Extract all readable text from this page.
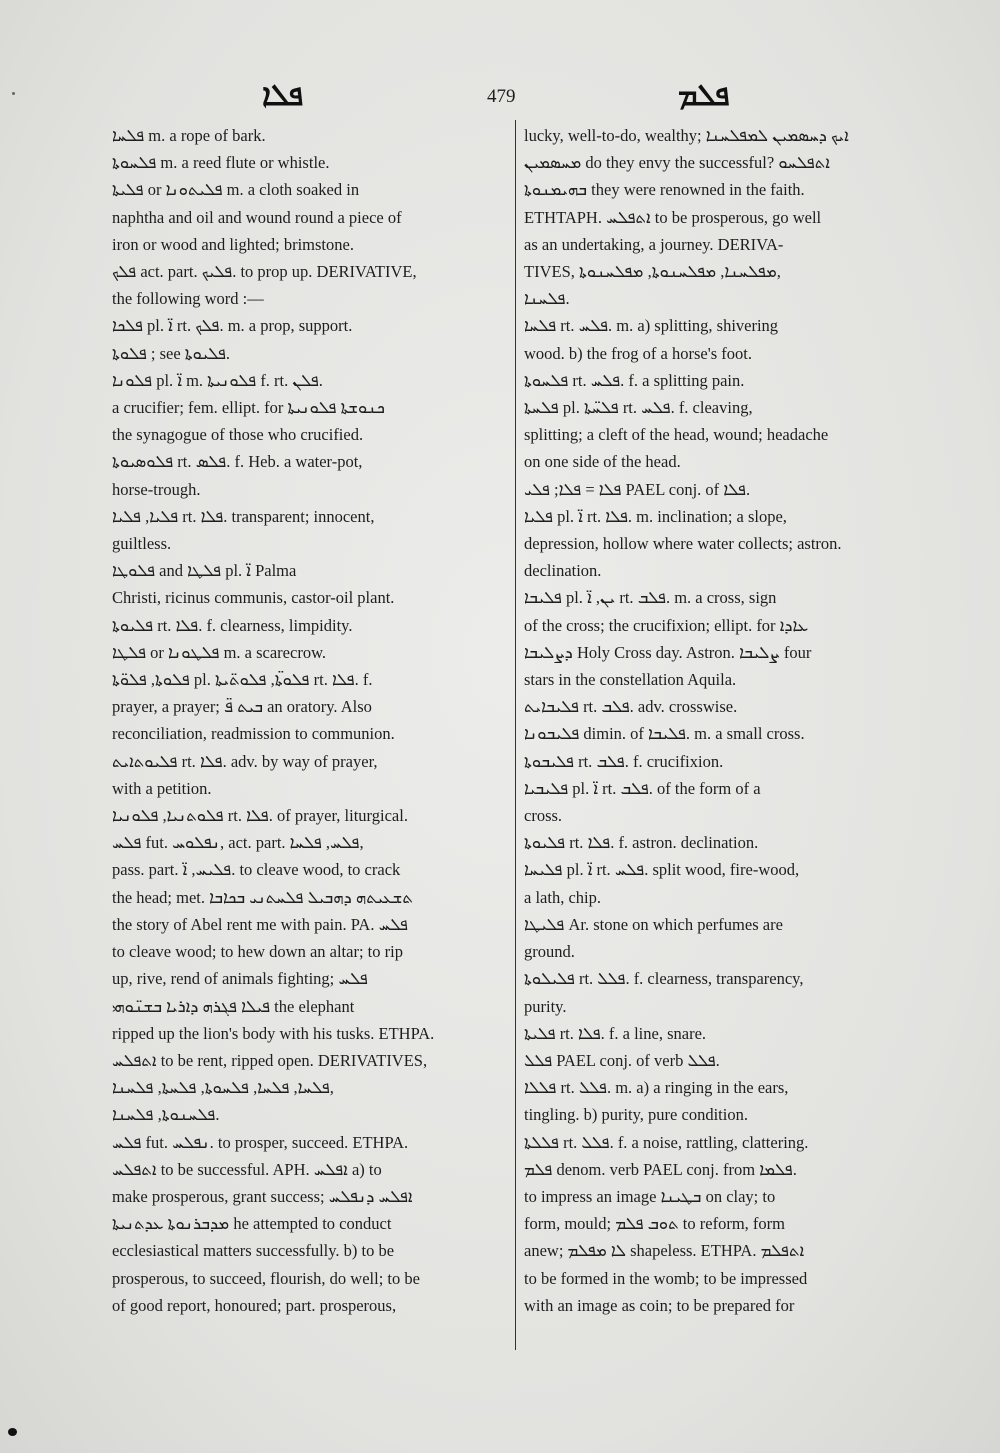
ܦܠܐ	479	ܦܠܡ
ܦܠܚܐ m. a rope of bark.
ܦܠܚܘܬܐ m. a reed flute or whistle.
ܦܠܝܬܐ or ܦܠܝܬܘܢܐ m. a cloth soaked in
naphtha and oil and wound round a piece of
iron or wood and lighted; brimstone.
ܦܠܟ act. part. ܦܠܝܟ. to prop up. DERIVATIVE,
the following word :—
ܦܠܟܐ pl. ܐ̈ rt. ܦܠܟ. m. a prop, support.
ܦܠܘܬܐ ; see ܦܠܝܘܬܐ.
ܦܠܘܢܐ pl. ܐ̈ m. ܦܠܘܢܝܬܐ f. rt. ܦܠܢ.
a crucifier; fem. ellipt. for ܟܢܘܫܬܐ ܦܠܘܢܝܬܐ
the synagogue of those who crucified.
ܦܠܘܣܝܘܬܐ rt. ܦܠܣ. f. Heb. a water-pot,
horse-trough.
ܦܠܝܐ, ܦܠܝܐ rt. ܦܠܐ. transparent; innocent,
guiltless.
ܦܠܘܛܐ and ܦܠܛܐ pl. ܐ̈ Palma
Christi, ricinus communis, castor-oil plant.
ܦܠܝܘܬܐ rt. ܦܠܐ. f. clearness, limpidity.
ܦܠܛܐ or ܦܠܛܘܢܐ m. a scarecrow.
ܦܠܘܬܐ, ܦܠܘ̈ܬܐ pl. ܦܠܘܬ̈ܐ, ܦܠܘܬ̈ܝܬܐ rt. ܦܠܐ. f.
prayer, a prayer; ܒܝܬ ܦ̈ an oratory. Also
reconciliation, readmission to communion.
ܦܠܝܘܬܐܝܬ rt. ܦܠܐ. adv. by way of prayer,
with a petition.
ܦܠܘܬܢܝܐ, ܦܠܘܢܝܐ rt. ܦܠܐ. of prayer, liturgical.
ܦܠܚ fut. ܢܦܠܘܚ, act. part. ܦܠܚ, ܦܠܚܐ,
pass. part. ܦܠܝܚ, ܐ̈. to cleave wood, to crack
the head; met. ܬܫܥܝܬܗ ܕܗܒܝܠ ܦܠܚܬܢܝ ܒܟܐܒܐ
the story of Abel rent me with pain. PA. ܦܠܚ
to cleave wood; to hew down an altar; to rip
up, rive, rend of animals fighting; ܦܠܚ
ܦܝܠܐ ܦܓܪܗ ܕܐܪܝܐ ܒܫܢ̈ܘܗܝ the elephant
ripped up the lion's body with his tusks. ETHPA.
ܐܬܦܠܚ to be rent, ripped open. DERIVATIVES,
ܦܠܚܐ, ܦܠܚܐ, ܦܠܚܘܬܐ, ܦܠܚܬܐ, ܦܠܚܢܐ,
ܦܠܚܢܘܬܐ, ܦܠܚܢܐ.
ܦܠܚ fut. ܢܦܠܚ. to prosper, succeed. ETHPA.
ܐܬܦܠܚ to be successful. APH. ܐܦܠܚ a) to
make prosperous, grant success; ܐܦܠܚ ܕܢܦܠܚ
ܡܕܒܪܢܘܬܐ ܥܕܬܢܝܬܐ he attempted to conduct
ecclesiastical matters successfully. b) to be
prosperous, to succeed, flourish, do well; to be
of good report, honoured; part. prosperous,
lucky, well-to-do, wealthy; ܐܝܟ ܕܚܣܡܝܢ ܠܡܦܠܚܢܐ
ܡܚܣܡܝܢ do they envy the successful? ܐܬܦܠܚܘ
ܒܗܝܡܢܘܬܐ they were renowned in the faith.
ETHTAPH. ܐܬܦܠܚ to be prosperous, go well
as an undertaking, a journey. DERIVA-
TIVES, ܡܦܠܚܢܐ, ܡܦܠܚܢܘܬܐ, ܡܦܠܚܢܘܬܐ,
ܦܠܚܢܐ.
ܦܠܚܐ rt. ܦܠܚ. m. a) splitting, shivering
wood. b) the frog of a horse's foot.
ܦܠܚܘܬܐ rt. ܦܠܚ. f. a splitting pain.
ܦܠܚܬܐ pl. ܦܠܚ̈ܬܐ rt. ܦܠܚ. f. cleaving,
splitting; a cleft of the head, wound; headache
on one side of the head.
ܦܠܐ = ܦܠܐ; ܦܠܝ PAEL conj. of ܦܠܐ.
ܦܠܝܐ pl. ܐ̈ rt. ܦܠܐ. m. inclination; a slope,
depression, hollow where water collects; astron.
declination.
ܦܠܝܒܐ pl. ܝܢ, ܐ̈ rt. ܦܠܒ. m. a cross, sign
of the cross; the crucifixion; ellipt. for ܥܐܕܐ
ܕܨܠܝܒܐ Holy Cross day. Astron. ܨܠܝܒܐ four
stars in the constellation Aquila.
ܦܠܝܒܐܝܬ rt. ܦܠܒ. adv. crosswise.
ܦܠܝܒܘܢܐ dimin. of ܦܠܝܒܐ. m. a small cross.
ܦܠܝܒܘܬܐ rt. ܦܠܒ. f. crucifixion.
ܦܠܝܒܝܐ pl. ܐ̈ rt. ܦܠܒ. of the form of a
cross.
ܦܠܝܘܬܐ rt. ܦܠܐ. f. astron. declination.
ܦܠܝܚܐ pl. ܐ̈ rt. ܦܠܚ. split wood, fire-wood,
a lath, chip.
ܦܠܝܛܐ Ar. stone on which perfumes are
ground.
ܦܠܝܠܘܬܐ rt. ܦܠܠ. f. clearness, transparency,
purity.
ܦܠܝܬܐ rt. ܦܠܐ. f. a line, snare.
ܦܠܠ PAEL conj. of verb ܦܠܠ.
ܦܠܠܐ rt. ܦܠܠ. m. a) a ringing in the ears,
tingling. b) purity, pure condition.
ܦܠܠܬܐ rt. ܦܠܠ. f. a noise, rattling, clattering.
ܦܠܡ denom. verb PAEL conj. from ܦܠܡܐ.
to impress an image ܒܛܝܢܐ on clay; to
form, mould; ܬܘܒ ܦܠܡ to reform, form
anew; ܠܐ ܡܦܠܡ shapeless. ETHPA. ܐܬܦܠܡ
to be formed in the womb; to be impressed
with an image as coin; to be prepared for
